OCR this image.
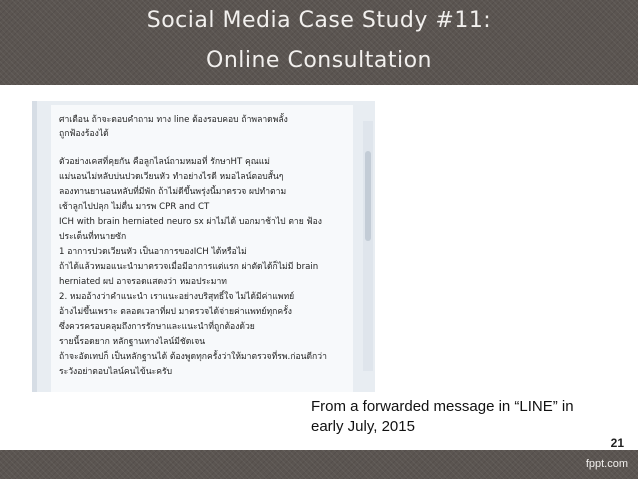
Social Media Case Study #11:
Online Consultation
ศาเตือน ถ้าจะตอบคำถาม ทาง line ต้องรอบคอบ ถ้าพลาดพลั้ง
ถูกฟ้องร้องได้
ตัวอย่างเคสที่คุยกัน คือลูกไลน์ถามหมอที่ รักษาHT คุณแม่
แม่นอนไม่หลับบ่นปวดเวียนหัว ทำอย่างไรดี หมอไลน์ตอบสั้นๆ
ลองทานยานอนหลับที่มีพัก ถ้าไม่ดีขึ้นพรุ่งนี้มาตรวจ ผปทำตาม
เช้าลูกไปปลุก ไม่ตื่น มารพ CPR and CT
ICH with brain herniated neuro sx ผ่าไม่ได้ บอกมาช้าไป ตาย ฟ้อง
ประเด็นที่ทนายซัก
1 อาการปวดเวียนหัว เป็นอาการของICH ได้หรือไม่
ถ้าได้แล้วหมอแนะนำมาตรวจเมื่อมีอาการแต่แรก ผ่าตัดได้ก็ไม่มี brain
herniated ผป อาจรอดแสดงว่า หมอประมาท
2. หมออ้างว่าคำแนะนำ เราแนะอย่างบริสุทธิ์ใจ ไม่ได้มีค่าแพทย์
อ้างไม่ขึ้นเพราะ ตลอดเวลาที่ผป มาตรวจได้จ่ายค่าแพทย์ทุกครั้ง
ซึ่งควรครอบคลุมถึงการรักษาและแนะนำที่ถูกต้องด้วย
รายนี้รอดยาก หลักฐานทางไลน์มีชัดเจน
ถ้าจะอัดเทปก็ เป็นหลักฐานได้ ต้องพูดทุกครั้งว่าให้มาตรวจที่รพ.ก่อนดีกว่า
ระวังอย่าตอบไลน์คนไข้นะครับ
From a forwarded message in “LINE” in
early July, 2015
21
fppt.com
